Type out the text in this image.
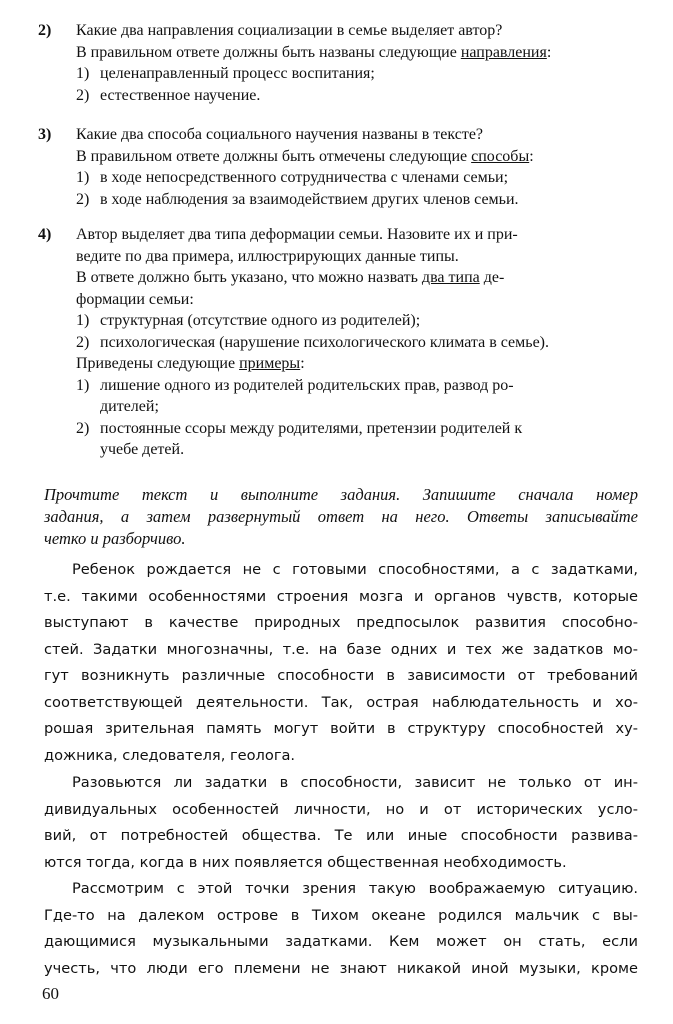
2) Какие два направления социализации в семье выделяет автор?
В правильном ответе должны быть названы следующие направления:
1) целенаправленный процесс воспитания;
2) естественное научение.
3) Какие два способа социального научения названы в тексте?
В правильном ответе должны быть отмечены следующие способы:
1) в ходе непосредственного сотрудничества с членами семьи;
2) в ходе наблюдения за взаимодействием других членов семьи.
4) Автор выделяет два типа деформации семьи. Назовите их и при-
ведите по два примера, иллюстрирующих данные типы.
В ответе должно быть указано, что можно назвать два типа де-
формации семьи:
1) структурная (отсутствие одного из родителей);
2) психологическая (нарушение психологического климата в семье).
Приведены следующие примеры:
1) лишение одного из родителей родительских прав, развод ро-
дителей;
2) постоянные ссоры между родителями, претензии родителей к
учебе детей.
Прочтите текст и выполните задания. Запишите сначала номер
задания, а затем развернутый ответ на него. Ответы записывайте
четко и разборчиво.
Ребенок рождается не с готовыми способностями, а с задатками,
т.е. такими особенностями строения мозга и органов чувств, которые
выступают в качестве природных предпосылок развития способно-
стей. Задатки многозначны, т.е. на базе одних и тех же задатков мо-
гут возникнуть различные способности в зависимости от требований
соответствующей деятельности. Так, острая наблюдательность и хо-
рошая зрительная память могут войти в структуру способностей ху-
дожника, следователя, геолога.
Разовьются ли задатки в способности, зависит не только от ин-
дивидуальных особенностей личности, но и от исторических усло-
вий, от потребностей общества. Те или иные способности развива-
ются тогда, когда в них появляется общественная необходимость.
Рассмотрим с этой точки зрения такую воображаемую ситуацию.
Где-то на далеком острове в Тихом океане родился мальчик с вы-
дающимися музыкальными задатками. Кем может он стать, если
учесть, что люди его племени не знают никакой иной музыки, кроме
60
